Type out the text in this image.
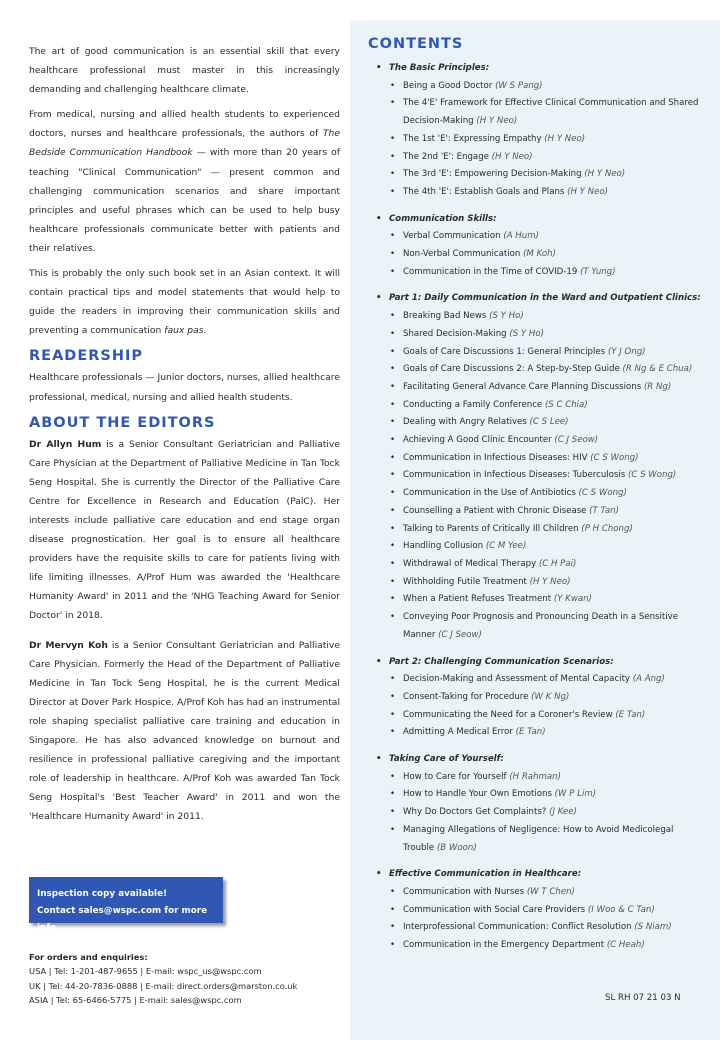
The art of good communication is an essential skill that every healthcare professional must master in this increasingly demanding and challenging healthcare climate.

From medical, nursing and allied health students to experienced doctors, nurses and healthcare professionals, the authors of The Bedside Communication Handbook — with more than 20 years of teaching "Clinical Communication" — present common and challenging communication scenarios and share important principles and useful phrases which can be used to help busy healthcare professionals communicate better with patients and their relatives.

This is probably the only such book set in an Asian context. It will contain practical tips and model statements that would help to guide the readers in improving their communication skills and preventing a communication faux pas.

READERSHIP

Healthcare professionals — Junior doctors, nurses, allied healthcare professional, medical, nursing and allied health students.

ABOUT THE EDITORS

Dr Allyn Hum is a Senior Consultant Geriatrician and Palliative Care Physician at the Department of Palliative Medicine in Tan Tock Seng Hospital. She is currently the Director of the Palliative Care Centre for Excellence in Research and Education (PalC). Her interests include palliative care education and end stage organ disease prognostication. Her goal is to ensure all healthcare providers have the requisite skills to care for patients living with life limiting illnesses. A/Prof Hum was awarded the 'Healthcare Humanity Award' in 2011 and the 'NHG Teaching Award for Senior Doctor' in 2018.

Dr Mervyn Koh is a Senior Consultant Geriatrician and Palliative Care Physician. Formerly the Head of the Department of Palliative Medicine in Tan Tock Seng Hospital, he is the current Medical Director at Dover Park Hospice. A/Prof Koh has had an instrumental role shaping specialist palliative care training and education in Singapore. He has also advanced knowledge on burnout and resilience in professional palliative caregiving and the important role of leadership in healthcare. A/Prof Koh was awarded Tan Tock Seng Hospital's 'Best Teacher Award' in 2011 and won the 'Healthcare Humanity Award' in 2011.

Inspection copy available!
Contact sales@wspc.com for more info
For orders and enquiries:
USA | Tel: 1-201-487-9655 | E-mail: wspc_us@wspc.com
UK | Tel: 44-20-7836-0888 | E-mail: direct.orders@marston.co.uk
ASIA | Tel: 65-6466-5775 | E-mail: sales@wspc.com
CONTENTS
• The Basic Principles:
• Being a Good Doctor (W S Pang)
• The 4'E' Framework for Effective Clinical Communication and Shared Decision-Making (H Y Neo)
• The 1st 'E': Expressing Empathy (H Y Neo)
• The 2nd 'E': Engage (H Y Neo)
• The 3rd 'E': Empowering Decision-Making (H Y Neo)
• The 4th 'E': Establish Goals and Plans (H Y Neo)
• Communication Skills:
• Verbal Communication (A Hum)
• Non-Verbal Communication (M Koh)
• Communication in the Time of COVID-19 (T Yung)
• Part 1: Daily Communication in the Ward and Outpatient Clinics:
• Breaking Bad News (S Y Ho)
• Shared Decision-Making (S Y Ho)
• Goals of Care Discussions 1: General Principles (Y J Ong)
• Goals of Care Discussions 2: A Step-by-Step Guide (R Ng & E Chua)
• Facilitating General Advance Care Planning Discussions (R Ng)
• Conducting a Family Conference (S C Chia)
• Dealing with Angry Relatives (C S Lee)
• Achieving A Good Clinic Encounter (C J Seow)
• Communication in Infectious Diseases: HIV (C S Wong)
• Communication in Infectious Diseases: Tuberculosis (C S Wong)
• Communication in the Use of Antibiotics (C S Wong)
• Counselling a Patient with Chronic Disease (T Tan)
• Talking to Parents of Critically Ill Children (P H Chong)
• Handling Collusion (C M Yee)
• Withdrawal of Medical Therapy (C H Pai)
• Withholding Futile Treatment (H Y Neo)
• When a Patient Refuses Treatment (Y Kwan)
• Conveying Poor Prognosis and Pronouncing Death in a Sensitive Manner (C J Seow)
• Part 2: Challenging Communication Scenarios:
• Decision-Making and Assessment of Mental Capacity (A Ang)
• Consent-Taking for Procedure (W K Ng)
• Communicating the Need for a Coroner's Review (E Tan)
• Admitting A Medical Error (E Tan)
• Taking Care of Yourself:
• How to Care for Yourself (H Rahman)
• How to Handle Your Own Emotions (W P Lim)
• Why Do Doctors Get Complaints? (J Kee)
• Managing Allegations of Negligence: How to Avoid Medicolegal Trouble (B Woon)
• Effective Communication in Healthcare:
• Communication with Nurses (W T Chen)
• Communication with Social Care Providers (I Woo & C Tan)
• Interprofessional Communication: Conflict Resolution (S Niam)
• Communication in the Emergency Department (C Heah)
SL RH 07 21 03 N
